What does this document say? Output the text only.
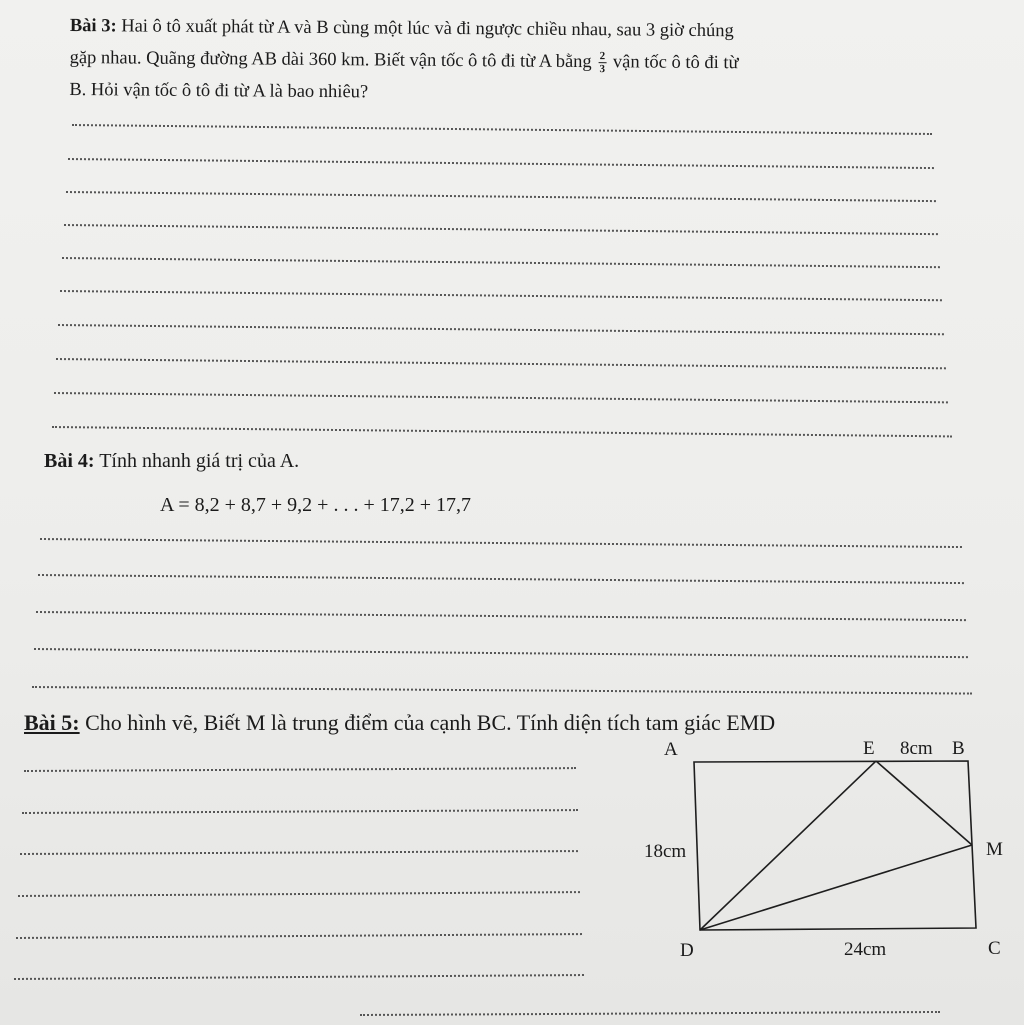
Bài 3: Hai ô tô xuất phát từ A và B cùng một lúc và đi ngược chiều nhau, sau 3 giờ chúng
gặp nhau. Quãng đường AB dài 360 km. Biết vận tốc ô tô đi từ A bằng $\frac{2}{3}$ vận tốc ô tô đi từ
B. Hỏi vận tốc ô tô đi từ A là bao nhiêu?
Bài 4: Tính nhanh giá trị của A.
A = 8,2 + 8,7 + 9,2 + . . . + 17,2 + 17,7
Bài 5: Cho hình vẽ, Biết M là trung điểm của cạnh BC. Tính diện tích tam giác EMD
A	E 8cm B
18cm	M
D	24cm	C
